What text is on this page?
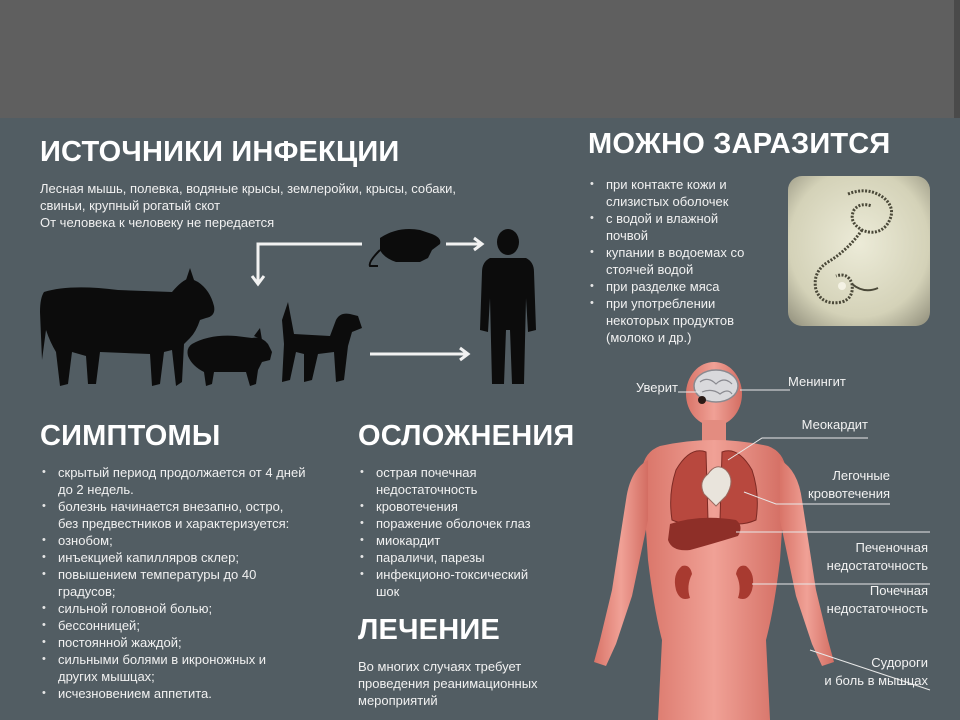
ИСТОЧНИКИ ИНФЕКЦИИ
Лесная мышь, полевка, водяные крысы, землеройки, крысы, собаки,
свиньи, крупный рогатый скот
От человека к человеку не передается
МОЖНО ЗАРАЗИТСЯ
• при контакте кожи и
слизистых оболочек
• с водой и влажной
почвой
• купании в водоемах со
стоячей водой
• при разделке мяса
• при употреблении
некоторых продуктов
(молоко и др.)
СИМПТОМЫ
• скрытый период продолжается от 4 дней
до 2 недель.
• болезнь начинается внезапно, остро,
без предвестников и характеризуется:
• ознобом;
• инъекцией капилляров склер;
• повышением температуры до 40
градусов;
• сильной головной болью;
• бессонницей;
• постоянной жаждой;
• сильными болями в икроножных и
других мышцах;
• исчезновением аппетита.
ОСЛОЖНЕНИЯ
• острая почечная
недостаточность
• кровотечения
• поражение оболочек глаз
• миокардит
• параличи, парезы
• инфекционо-токсический
шок
ЛЕЧЕНИЕ
Во многих случаях требует
проведения реанимационных
мероприятий
Уверит	Менингит
Меокардит
Легочные
кровотечения
Печеночная
недостаточность
Почечная
недостаточность
Судороги
и боль в мышцах
